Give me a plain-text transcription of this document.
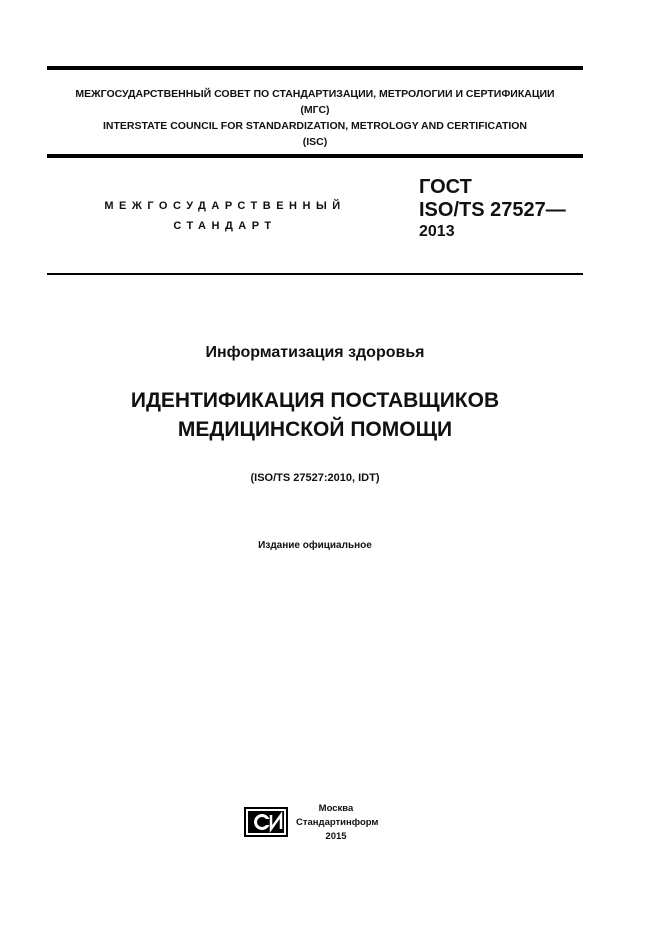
МЕЖГОСУДАРСТВЕННЫЙ СОВЕТ ПО СТАНДАРТИЗАЦИИ, МЕТРОЛОГИИ И СЕРТИФИКАЦИИ
(МГС)
INTERSTATE COUNCIL FOR STANDARDIZATION, METROLOGY AND CERTIFICATION
(ISC)
МЕЖГОСУДАРСТВЕННЫЙ
СТАНДАРТ
ГОСТ
ISO/TS 27527—
2013
Информатизация здоровья
ИДЕНТИФИКАЦИЯ ПОСТАВЩИКОВ
МЕДИЦИНСКОЙ ПОМОЩИ
(ISO/TS 27527:2010, IDT)
Издание официальное
Москва
Стандартинформ
2015
